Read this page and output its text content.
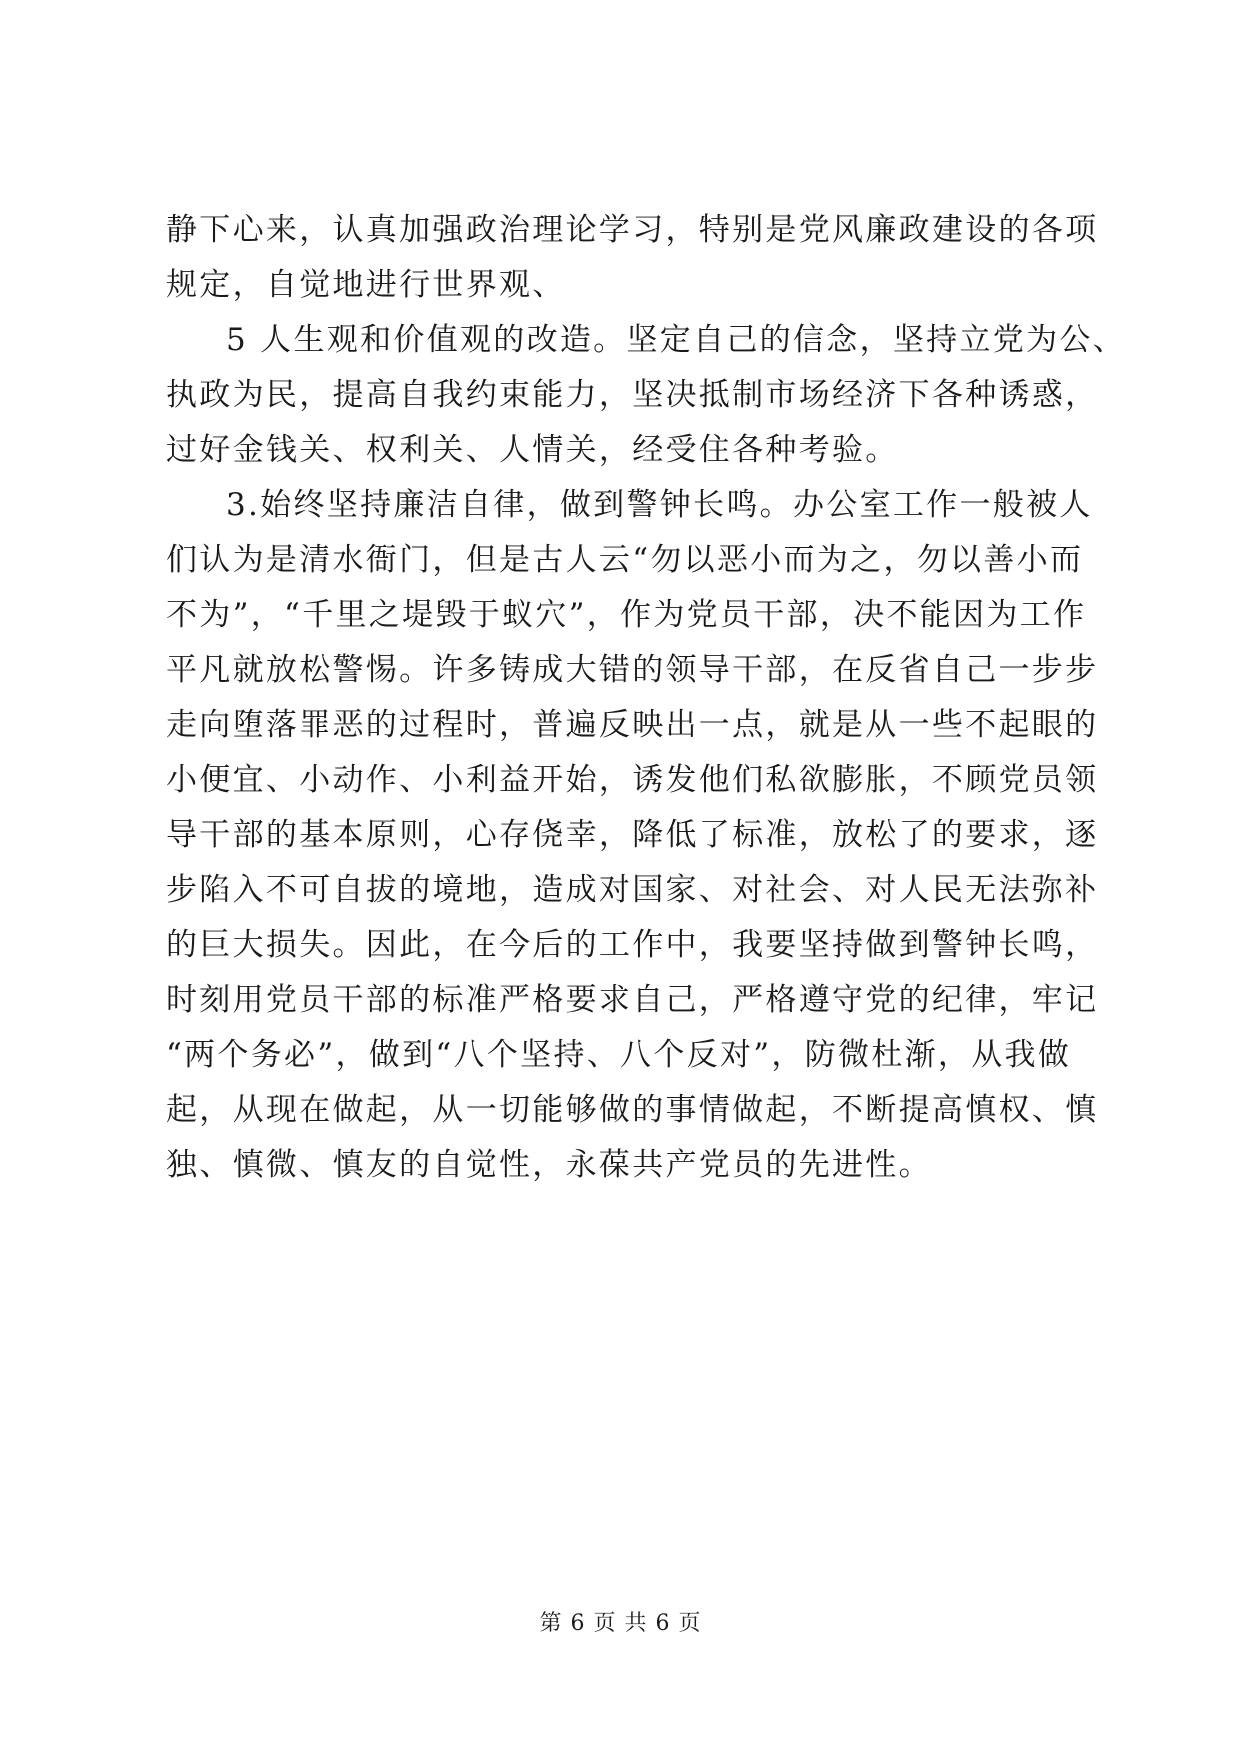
静下心来，认真加强政治理论学习，特别是党风廉政建设的各项
规定，自觉地进行世界观、
5 人生观和价值观的改造。坚定自己的信念，坚持立党为公、
执政为民，提高自我约束能力，坚决抵制市场经济下各种诱惑，
过好金钱关、权利关、人情关，经受住各种考验。
3.始终坚持廉洁自律，做到警钟长鸣。办公室工作一般被人
们认为是清水衙门，但是古人云“勿以恶小而为之，勿以善小而
不为”，“千里之堤毁于蚁穴”，作为党员干部，决不能因为工作
平凡就放松警惕。许多铸成大错的领导干部，在反省自己一步步
走向堕落罪恶的过程时，普遍反映出一点，就是从一些不起眼的
小便宜、小动作、小利益开始，诱发他们私欲膨胀，不顾党员领
导干部的基本原则，心存侥幸，降低了标准，放松了的要求，逐
步陷入不可自拔的境地，造成对国家、对社会、对人民无法弥补
的巨大损失。因此，在今后的工作中，我要坚持做到警钟长鸣，
时刻用党员干部的标准严格要求自己，严格遵守党的纪律，牢记
“两个务必”，做到“八个坚持、八个反对”，防微杜渐，从我做
起，从现在做起，从一切能够做的事情做起，不断提高慎权、慎
独、慎微、慎友的自觉性，永葆共产党员的先进性。
第 6 页 共 6 页
